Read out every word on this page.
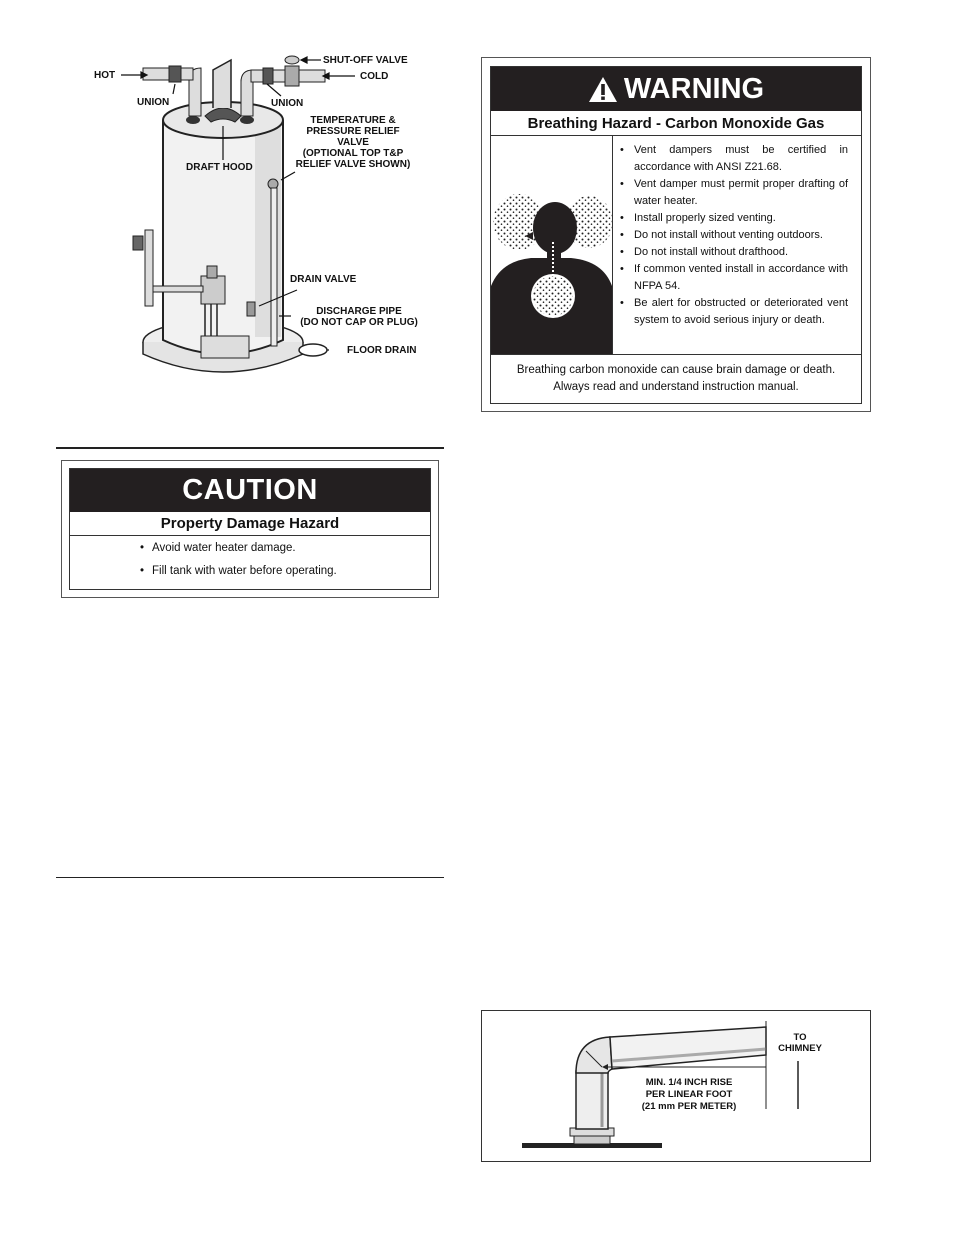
HOT
UNION	UNION
SHUT-OFF VALVE
COLD
TEMPERATURE &
PRESSURE RELIEF
VALVE
(OPTIONAL TOP T&P
RELIEF VALVE SHOWN)
DRAFT HOOD
DRAIN VALVE
DISCHARGE PIPE
(DO NOT CAP OR PLUG)
FLOOR DRAIN
CAUTION
Property Damage Hazard
• Avoid water heater damage.
• Fill tank with water before operating.
WARNING
Breathing Hazard - Carbon Monoxide Gas
• Vent dampers must be certified in accordance with ANSI Z21.68.
• Vent damper must permit proper drafting of water heater.
• Install properly sized venting.
• Do not install without venting outdoors.
• Do not install without drafthood.
• If common vented install in accordance with NFPA 54.
• Be alert for obstructed or deteriorated vent system to avoid serious injury or death.
Breathing carbon monoxide can cause brain damage or death.
Always read and understand instruction manual.
TO
CHIMNEY
MIN. 1/4 INCH RISE
PER LINEAR FOOT
(21 mm PER METER)
